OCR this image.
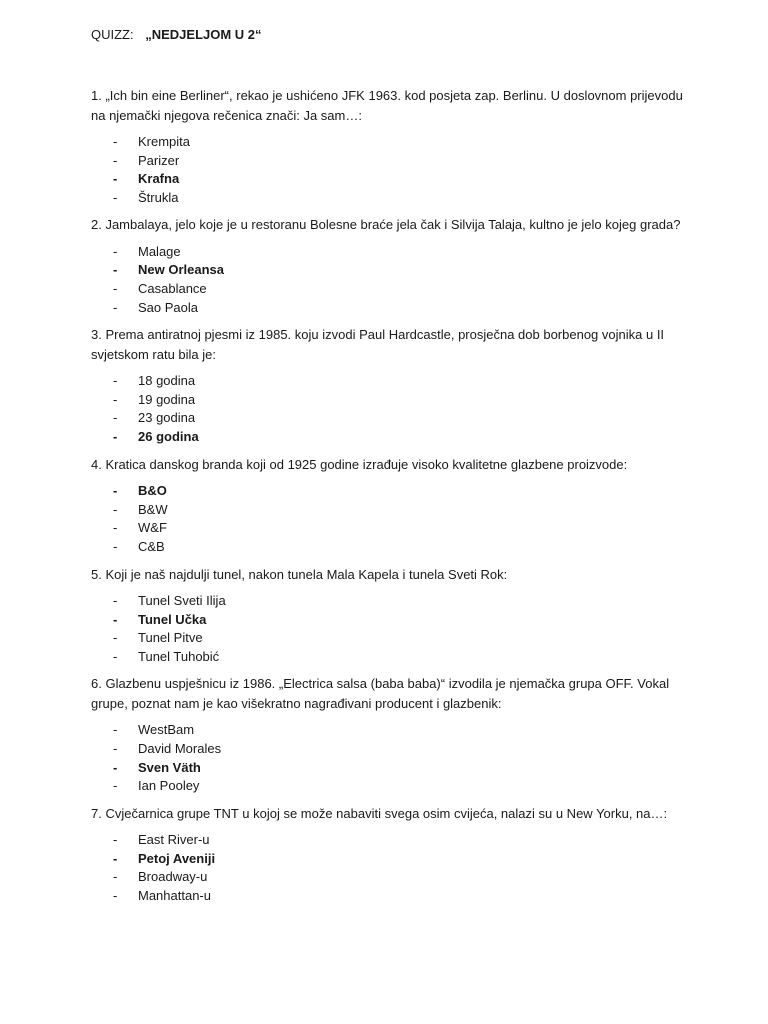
QUIZZ: „NEDJELJOM U 2“

1. „Ich bin eine Berliner“, rekao je ushićeno JFK 1963. kod posjeta zap. Berlinu. U doslovnom prijevodu na njemački njegova rečenica znači: Ja sam…:

- Krempita
- Parizer
- Krafna
- Štrukla

2. Jambalaya, jelo koje je u restoranu Bolesne braće jela čak i Silvija Talaja, kultno je jelo kojeg grada?

- Malage
- New Orleansa
- Casablance
- Sao Paola

3. Prema antiratnoj pjesmi iz 1985. koju izvodi Paul Hardcastle, prosječna dob borbenog vojnika u II svjetskom ratu bila je:

- 18 godina
- 19 godina
- 23 godina
- 26 godina

4. Kratica danskog branda koji od 1925 godine izrađuje visoko kvalitetne glazbene proizvode:

- B&O
- B&W
- W&F
- C&B

5. Koji je naš najdulji tunel, nakon tunela Mala Kapela i tunela Sveti Rok:

- Tunel Sveti Ilija
- Tunel Učka
- Tunel Pitve
- Tunel Tuhobić

6. Glazbenu uspješnicu iz 1986. „Electrica salsa (baba baba)“ izvodila je njemačka grupa OFF. Vokal grupe, poznat nam je kao višekratno nagrađivani producent i glazbenik:

- WestBam
- David Morales
- Sven Väth
- Ian Pooley

7. Cvječarnica grupe TNT u kojoj se može nabaviti svega osim cvijeća, nalazi su u New Yorku, na…:

- East River-u
- Petoj Aveniji
- Broadway-u
- Manhattan-u
